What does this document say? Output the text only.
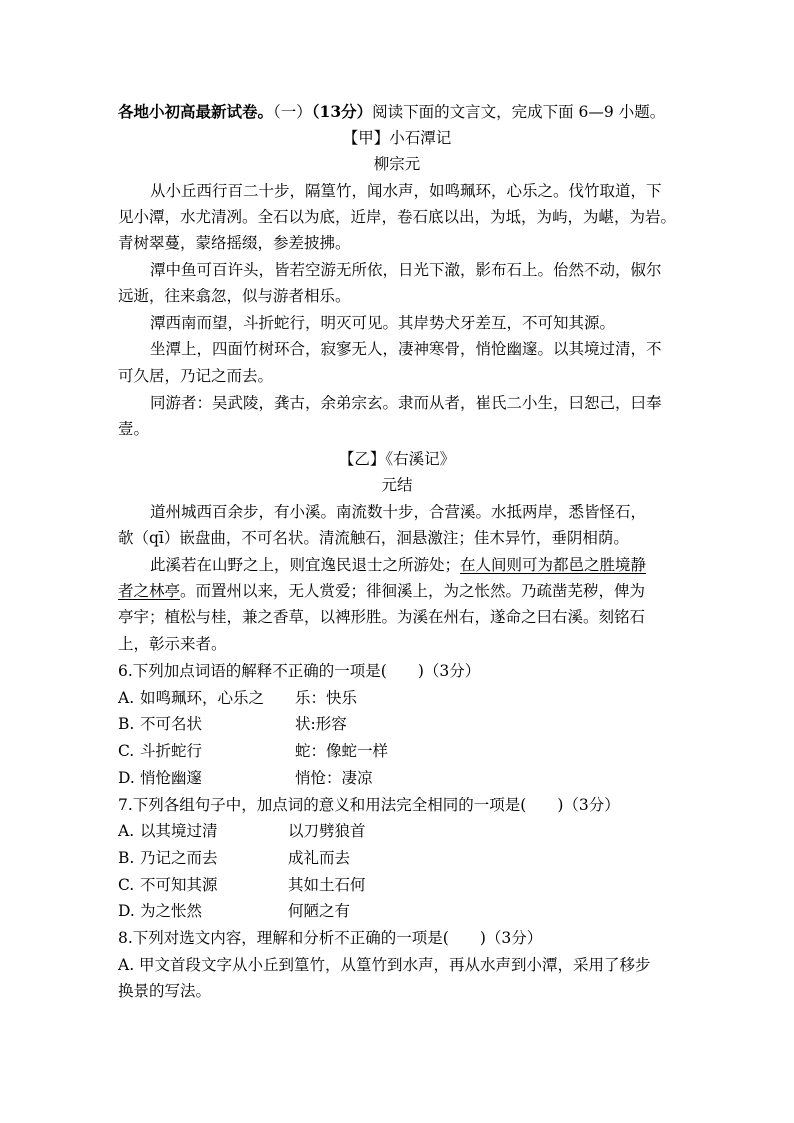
各地小初高最新试卷。（一）（13分）阅读下面的文言文，完成下面 6—9 小题。
【甲】小石潭记
柳宗元
从小丘西行百二十步，隔篁竹，闻水声，如鸣珮环，心乐之。伐竹取道，下
见小潭，水尤清冽。全石以为底，近岸，卷石底以出，为坻，为屿，为嵁，为岩。
青树翠蔓，蒙络摇缀，参差披拂。
潭中鱼可百许头，皆若空游无所依，日光下澈，影布石上。佁然不动，俶尔
远逝，往来翕忽，似与游者相乐。
潭西南而望，斗折蛇行，明灭可见。其岸势犬牙差互，不可知其源。
坐潭上，四面竹树环合，寂寥无人，凄神寒骨，悄怆幽邃。以其境过清，不
可久居，乃记之而去。
同游者：吴武陵，龚古，余弟宗玄。隶而从者，崔氏二小生，曰恕己，曰奉
壹。
【乙】《右溪记》
元结
道州城西百余步，有小溪。南流数十步，合营溪。水抵两岸，悉皆怪石，
欹（qī）嵌盘曲，不可名状。清流触石，洄悬激注；佳木异竹，垂阴相荫。
此溪若在山野之上，则宜逸民退士之所游处；在人间则可为都邑之胜境静
者之林亭。而置州以来，无人赏爱；徘徊溪上，为之怅然。乃疏凿芜秽，俾为
亭宇；植松与桂，兼之香草，以裨形胜。为溪在州右，遂命之曰右溪。刻铭石
上，彰示来者。
6.下列加点词语的解释不正确的一项是(　　)（3分）
A. 如鸣珮环，心乐之 乐：快乐
B. 不可名状	状:形容
C. 斗折蛇行	蛇：像蛇一样
D. 悄怆幽邃	悄怆：凄凉
7.下列各组句子中，加点词的意义和用法完全相同的一项是(　　)（3分）
A. 以其境过清	以刀劈狼首
B. 乃记之而去	成礼而去
C. 不可知其源	其如土石何
D. 为之怅然	何陋之有
8.下列对选文内容，理解和分析不正确的一项是(　　)（3分）
A. 甲文首段文字从小丘到篁竹，从篁竹到水声，再从水声到小潭，采用了移步
换景的写法。
